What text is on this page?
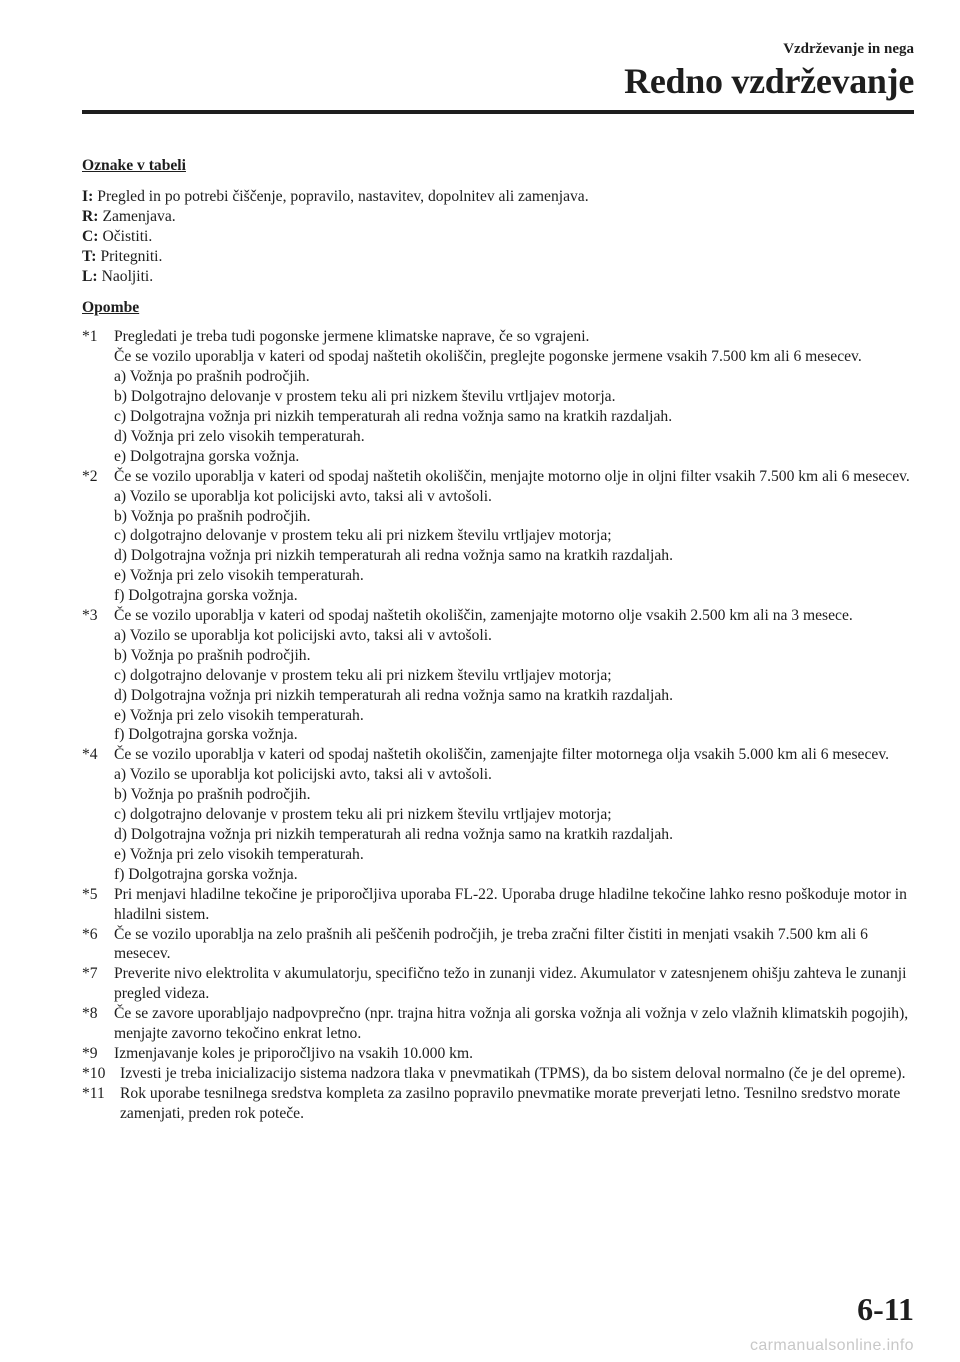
Vzdrževanje in nega
Redno vzdrževanje
Oznake v tabeli
I: Pregled in po potrebi čiščenje, popravilo, nastavitev, dopolnitev ali zamenjava.
R: Zamenjava.
C: Očistiti.
T: Pritegniti.
L: Naoljiti.
Opombe
*1 Pregledati je treba tudi pogonske jermene klimatske naprave, če so vgrajeni.
Če se vozilo uporablja v kateri od spodaj naštetih okoliščin, preglejte pogonske jermene vsakih 7.500 km ali 6 mesecev.
a) Vožnja po prašnih področjih.
b) Dolgotrajno delovanje v prostem teku ali pri nizkem številu vrtljajev motorja.
c) Dolgotrajna vožnja pri nizkih temperaturah ali redna vožnja samo na kratkih razdaljah.
d) Vožnja pri zelo visokih temperaturah.
e) Dolgotrajna gorska vožnja.
*2 Če se vozilo uporablja v kateri od spodaj naštetih okoliščin, menjajte motorno olje in oljni filter vsakih 7.500 km ali 6 mesecev.
a) Vozilo se uporablja kot policijski avto, taksi ali v avtošoli.
b) Vožnja po prašnih področjih.
c) dolgotrajno delovanje v prostem teku ali pri nizkem številu vrtljajev motorja;
d) Dolgotrajna vožnja pri nizkih temperaturah ali redna vožnja samo na kratkih razdaljah.
e) Vožnja pri zelo visokih temperaturah.
f) Dolgotrajna gorska vožnja.
*3 Če se vozilo uporablja v kateri od spodaj naštetih okoliščin, zamenjajte motorno olje vsakih 2.500 km ali na 3 mesece.
a) Vozilo se uporablja kot policijski avto, taksi ali v avtošoli.
b) Vožnja po prašnih področjih.
c) dolgotrajno delovanje v prostem teku ali pri nizkem številu vrtljajev motorja;
d) Dolgotrajna vožnja pri nizkih temperaturah ali redna vožnja samo na kratkih razdaljah.
e) Vožnja pri zelo visokih temperaturah.
f) Dolgotrajna gorska vožnja.
*4 Če se vozilo uporablja v kateri od spodaj naštetih okoliščin, zamenjajte filter motornega olja vsakih 5.000 km ali 6 mesecev.
a) Vozilo se uporablja kot policijski avto, taksi ali v avtošoli.
b) Vožnja po prašnih področjih.
c) dolgotrajno delovanje v prostem teku ali pri nizkem številu vrtljajev motorja;
d) Dolgotrajna vožnja pri nizkih temperaturah ali redna vožnja samo na kratkih razdaljah.
e) Vožnja pri zelo visokih temperaturah.
f) Dolgotrajna gorska vožnja.
*5 Pri menjavi hladilne tekočine je priporočljiva uporaba FL-22. Uporaba druge hladilne tekočine lahko resno poškoduje motor in hladilni sistem.
*6 Če se vozilo uporablja na zelo prašnih ali peščenih področjih, je treba zračni filter čistiti in menjati vsakih 7.500 km ali 6 mesecev.
*7 Preverite nivo elektrolita v akumulatorju, specifično težo in zunanji videz. Akumulator v zatesnjenem ohišju zahteva le zunanji pregled videza.
*8 Če se zavore uporabljajo nadpovprečno (npr. trajna hitra vožnja ali gorska vožnja ali vožnja v zelo vlažnih klimatskih pogojih), menjajte zavorno tekočino enkrat letno.
*9 Izmenjavanje koles je priporočljivo na vsakih 10.000 km.
*10 Izvesti je treba inicializacijo sistema nadzora tlaka v pnevmatikah (TPMS), da bo sistem deloval normalno (če je del opreme).
*11 Rok uporabe tesnilnega sredstva kompleta za zasilno popravilo pnevmatike morate preverjati letno. Tesnilno sredstvo morate zamenjati, preden rok poteče.
6-11
carmanualsonline.info
